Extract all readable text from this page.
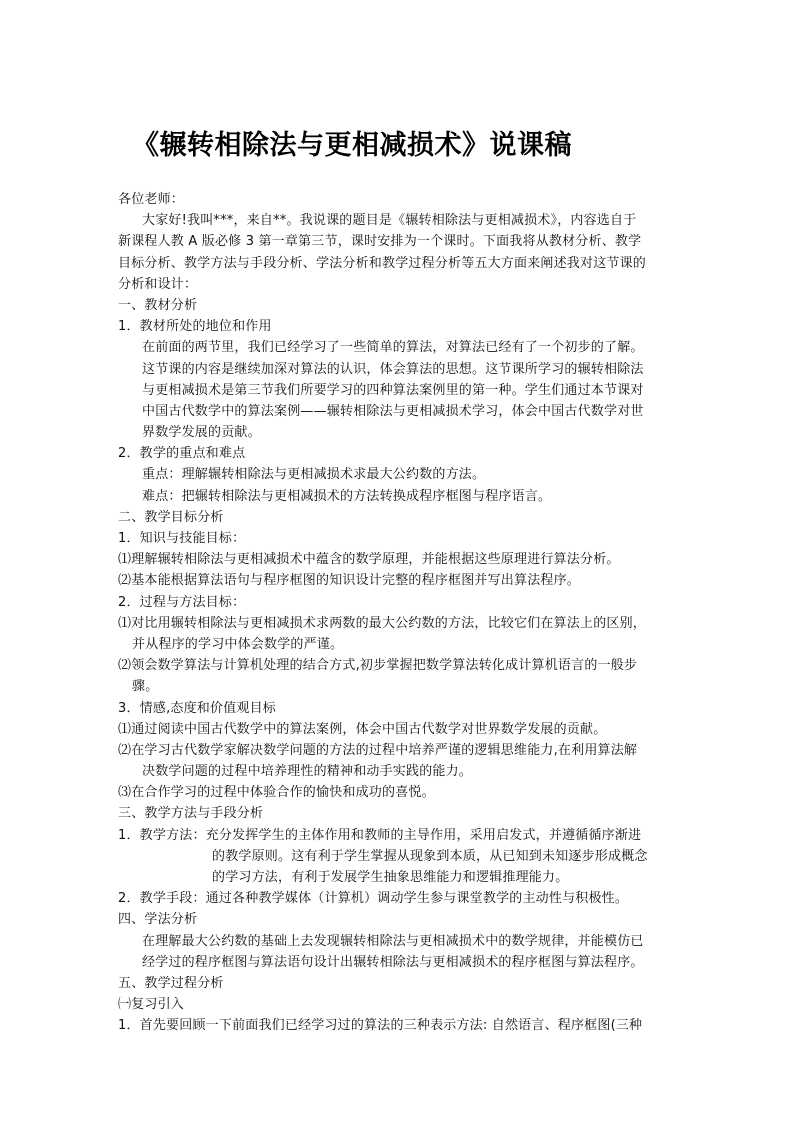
《辗转相除法与更相减损术》说课稿
各位老师：
大家好!我叫***，来自**。我说课的题目是《辗转相除法与更相减损术》，内容选自于
新课程人教 A 版必修 3 第一章第三节，课时安排为一个课时。下面我将从教材分析、教学
目标分析、教学方法与手段分析、学法分析和教学过程分析等五大方面来阐述我对这节课的
分析和设计：
一、教材分析
1．教材所处的地位和作用
在前面的两节里，我们已经学习了一些简单的算法，对算法已经有了一个初步的了解。
这节课的内容是继续加深对算法的认识，体会算法的思想。这节课所学习的辗转相除法
与更相减损术是第三节我们所要学习的四种算法案例里的第一种。学生们通过本节课对
中国古代数学中的算法案例——辗转相除法与更相减损术学习，体会中国古代数学对世
界数学发展的贡献。
2．教学的重点和难点
重点：理解辗转相除法与更相减损术求最大公约数的方法。
难点：把辗转相除法与更相减损术的方法转换成程序框图与程序语言。
二、教学目标分析
1．知识与技能目标：
⑴理解辗转相除法与更相减损术中蕴含的数学原理，并能根据这些原理进行算法分析。
⑵基本能根据算法语句与程序框图的知识设计完整的程序框图并写出算法程序。
2．过程与方法目标：
⑴对比用辗转相除法与更相减损术求两数的最大公约数的方法，比较它们在算法上的区别，
并从程序的学习中体会数学的严谨。
⑵领会数学算法与计算机处理的结合方式,初步掌握把数学算法转化成计算机语言的一般步
骤。
3．情感,态度和价值观目标
⑴通过阅读中国古代数学中的算法案例，体会中国古代数学对世界数学发展的贡献。
⑵在学习古代数学家解决数学问题的方法的过程中培养严谨的逻辑思维能力,在利用算法解
决数学问题的过程中培养理性的精神和动手实践的能力。
⑶在合作学习的过程中体验合作的愉快和成功的喜悦。
三、教学方法与手段分析
1．教学方法：充分发挥学生的主体作用和教师的主导作用，采用启发式，并遵循循序渐进
的教学原则。这有利于学生掌握从现象到本质，从已知到未知逐步形成概念
的学习方法，有利于发展学生抽象思维能力和逻辑推理能力。
2．教学手段：通过各种教学媒体（计算机）调动学生参与课堂教学的主动性与积极性。
四、学法分析
在理解最大公约数的基础上去发现辗转相除法与更相减损术中的数学规律，并能模仿已
经学过的程序框图与算法语句设计出辗转相除法与更相减损术的程序框图与算法程序。
五、教学过程分析
㈠复习引入
1．首先要回顾一下前面我们已经学习过的算法的三种表示方法: 自然语言、程序框图(三种
